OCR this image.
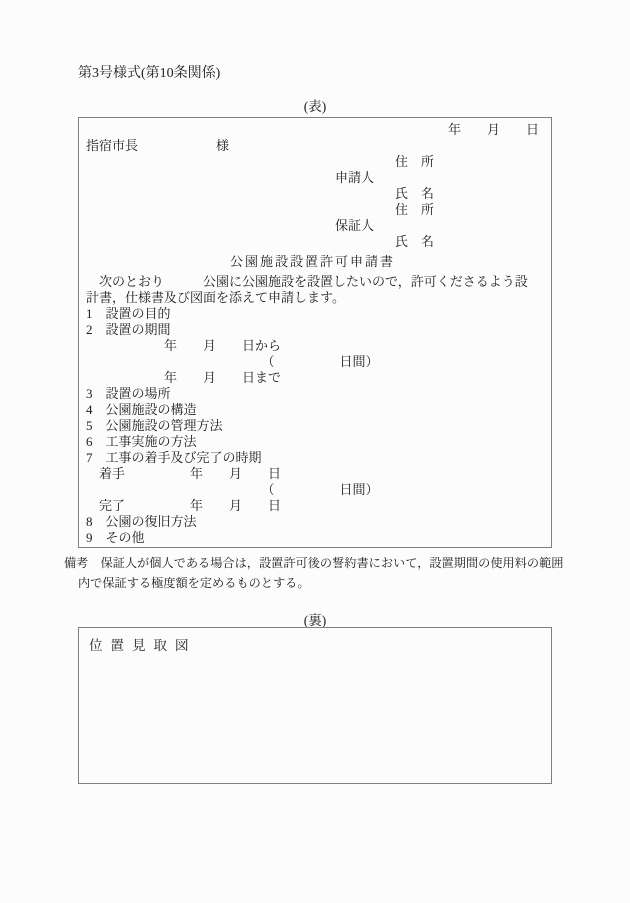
第3号様式(第10条関係)
(表)
年　　月　　日
指宿市長　　　　　　様
住　所
申請人
氏　名
住　所
保証人
氏　名
公園施設設置許可申請書
　次のとおり　　　公園に公園施設を設置したいので，許可くださるよう設計書，仕様書及び図面を添えて申請します。
1　設置の目的
2　設置の期間
　　　　　　年　　月　　日から
　　　　　　　　　　　　　　（　　　　　日間）
　　　　　　年　　月　　日まで
3　設置の場所
4　公園施設の構造
5　公園施設の管理方法
6　工事実施の方法
7　工事の着手及び完了の時期
　着手　　　　　年　　月　　日
　　　　　　　　　　　　　　（　　　　　日間）
　完了　　　　　年　　月　　日
8　公園の復旧方法
9　その他
備考　保証人が個人である場合は，設置許可後の誓約書において，設置期間の使用料の範囲内で保証する極度額を定めるものとする。
(裏)
位置見取図
